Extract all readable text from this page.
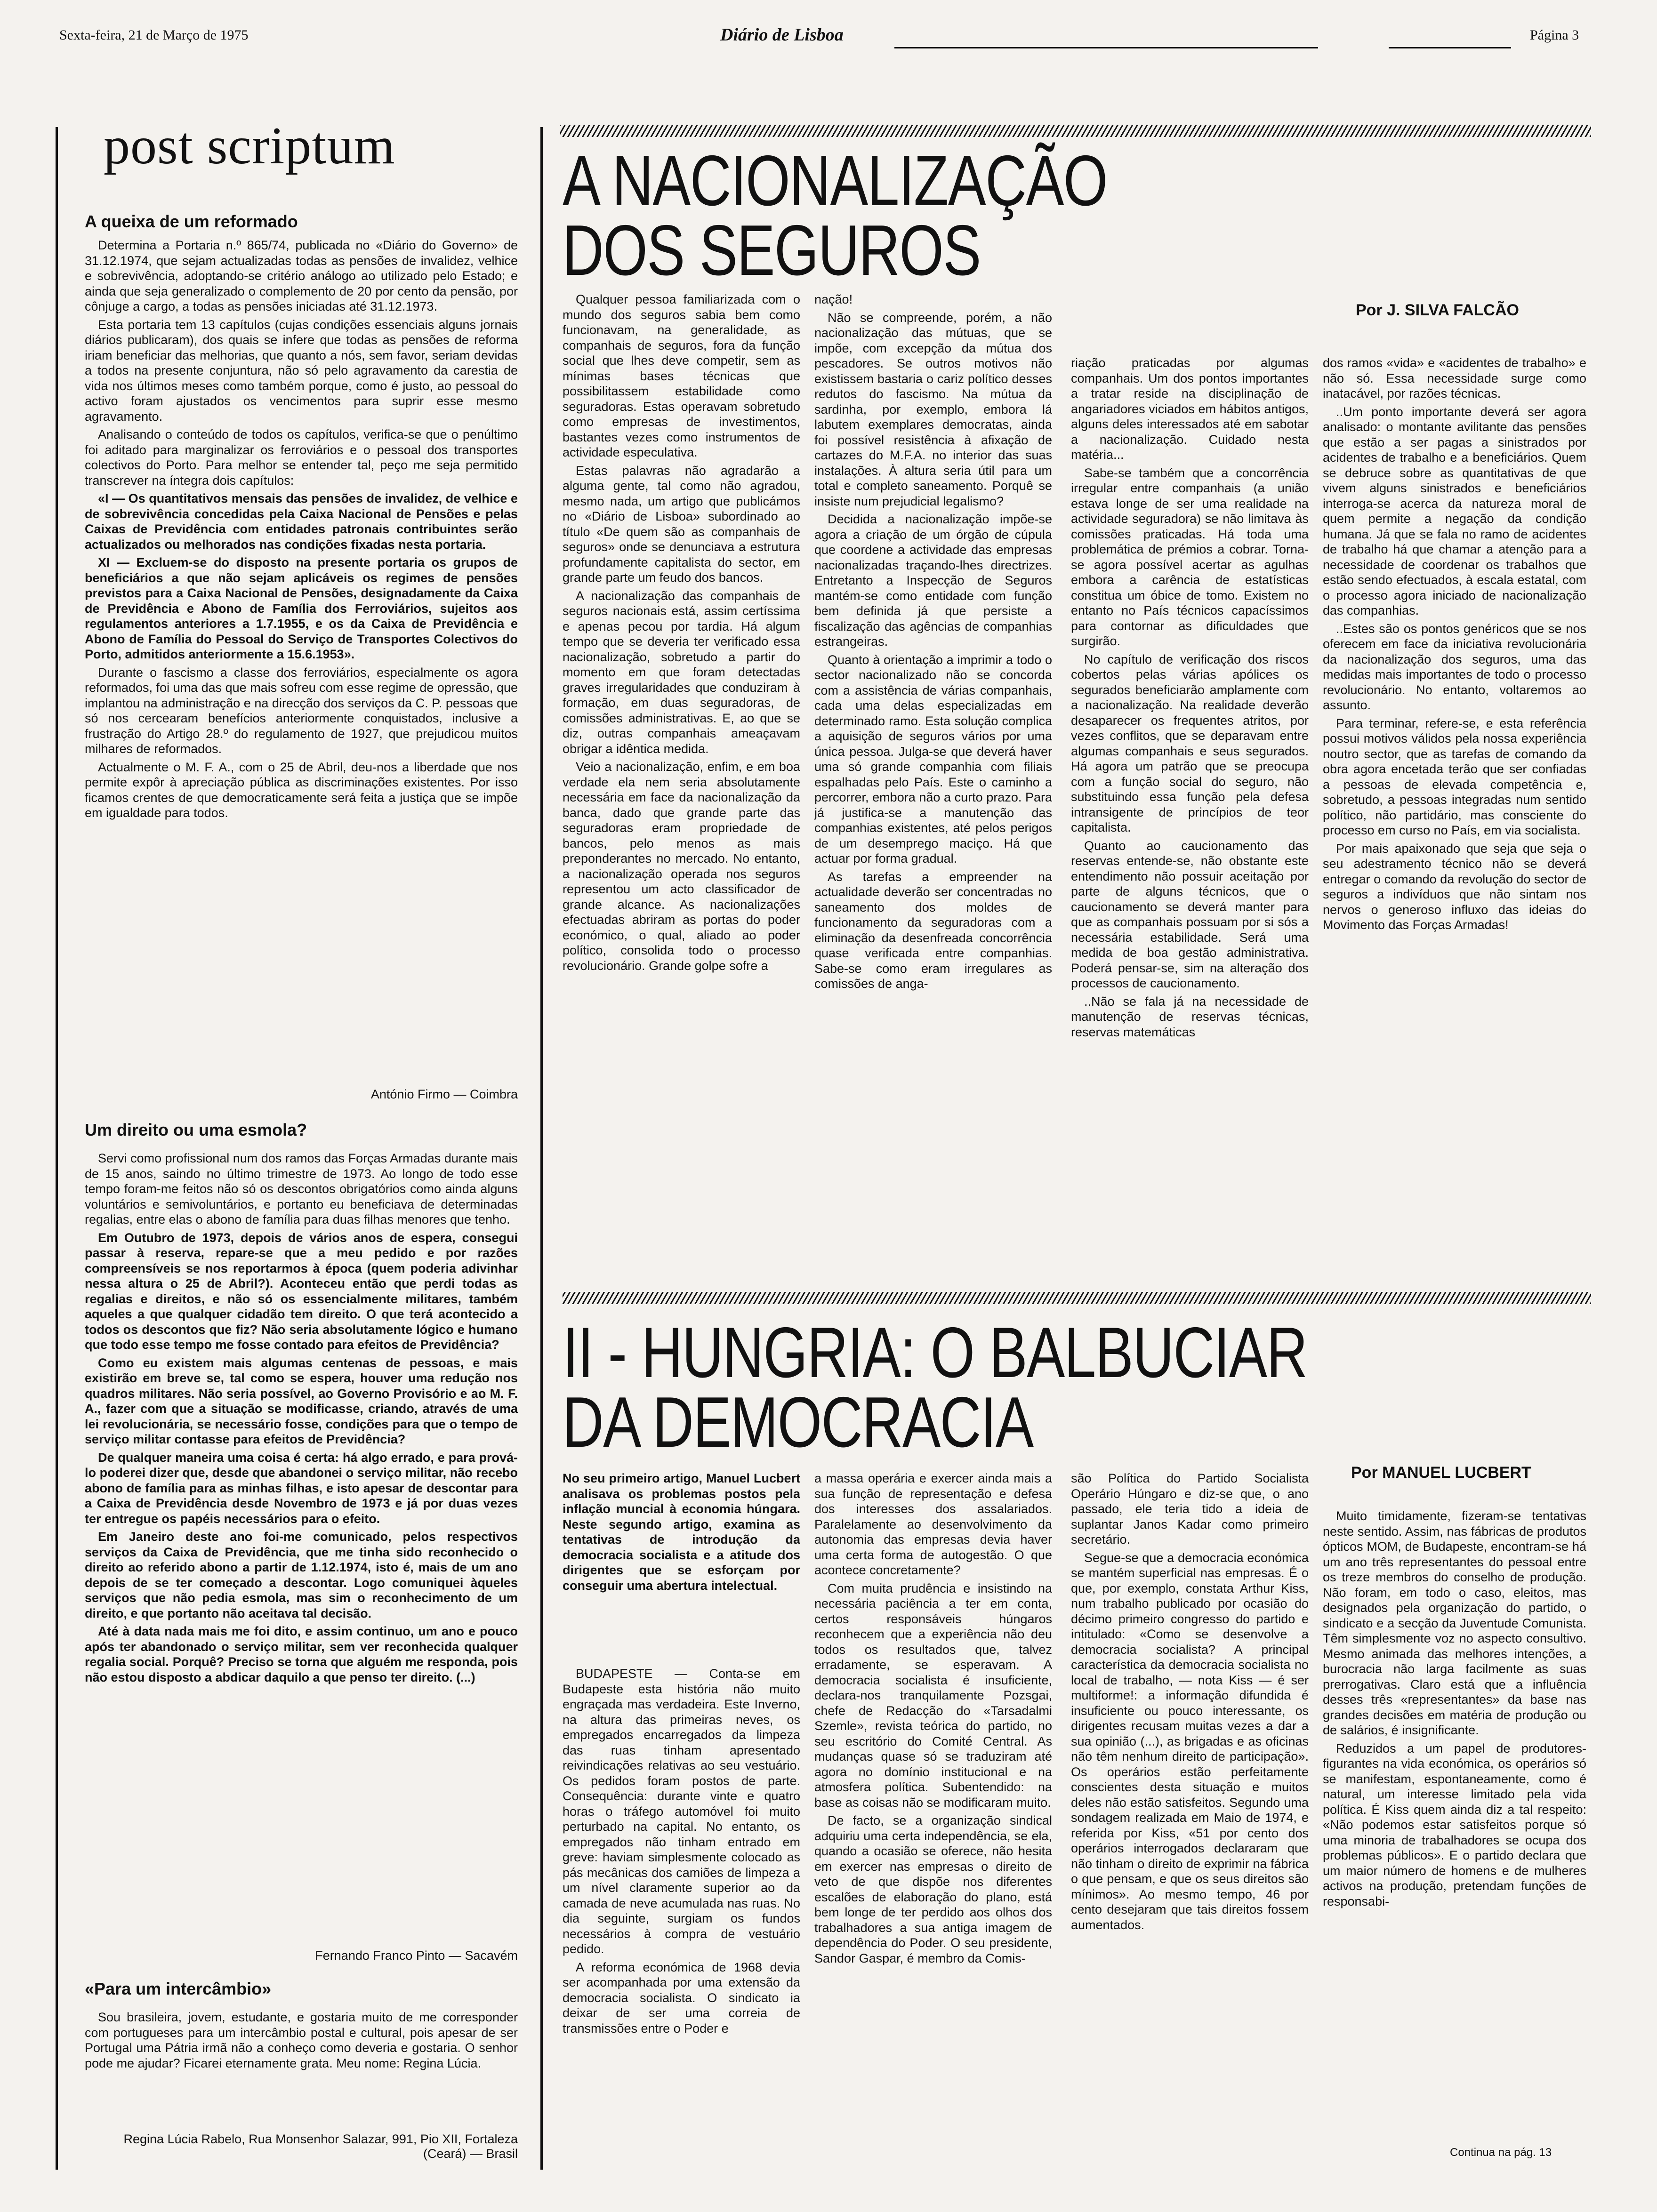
Sexta-feira, 21 de Março de 1975	Diário de Lisboa	Página 3
post scriptum
A queixa de um reformado

Determina a Portaria n.º 865/74, publicada no «Diário do Governo» de 31.12.1974, que sejam actualizadas todas as pensões de invalidez, velhice e sobrevivência, adoptando-se critério análogo ao utilizado pelo Estado; e ainda que seja generalizado o complemento de 20 por cento da pensão, por cônjuge a cargo, a todas as pensões iniciadas até 31.12.1973.

Esta portaria tem 13 capítulos (cujas condições essenciais alguns jornais diários publicaram), dos quais se infere que todas as pensões de reforma iriam beneficiar das melhorias, que quanto a nós, sem favor, seriam devidas a todos na presente conjuntura, não só pelo agravamento da carestia de vida nos últimos meses como também porque, como é justo, ao pessoal do activo foram ajustados os vencimentos para suprir esse mesmo agravamento.

Analisando o conteúdo de todos os capítulos, verifica-se que o penúltimo foi aditado para marginalizar os ferroviários e o pessoal dos transportes colectivos do Porto. Para melhor se entender tal, peço me seja permitido transcrever na íntegra dois capítulos:

«I — Os quantitativos mensais das pensões de invalidez, de velhice e de sobrevivência concedidas pela Caixa Nacional de Pensões e pelas Caixas de Previdência com entidades patronais contribuintes serão actualizados ou melhorados nas condições fixadas nesta portaria.

XI — Excluem-se do disposto na presente portaria os grupos de beneficiários a que não sejam aplicáveis os regimes de pensões previstos para a Caixa Nacional de Pensões, designadamente da Caixa de Previdência e Abono de Família dos Ferroviários, sujeitos aos regulamentos anteriores a 1.7.1955, e os da Caixa de Previdência e Abono de Família do Pessoal do Serviço de Transportes Colectivos do Porto, admitidos anteriormente a 15.6.1953».

Durante o fascismo a classe dos ferroviários, especialmente os agora reformados, foi uma das que mais sofreu com esse regime de opressão, que implantou na administração e na direcção dos serviços da C. P. pessoas que só nos cercearam benefícios anteriormente conquistados, inclusive a frustração do Artigo 28.º do regulamento de 1927, que prejudicou muitos milhares de reformados.

Actualmente o M. F. A., com o 25 de Abril, deu-nos a liberdade que nos permite expôr à apreciação pública as discriminações existentes. Por isso ficamos crentes de que democraticamente será feita a justiça que se impõe em igualdade para todos.

António Firmo — Coimbra
Um direito ou uma esmola?

Servi como profissional num dos ramos das Forças Armadas durante mais de 15 anos, saindo no último trimestre de 1973. Ao longo de todo esse tempo foram-me feitos não só os descontos obrigatórios como ainda alguns voluntários e semivoluntários, e portanto eu beneficiava de determinadas regalias, entre elas o abono de família para duas filhas menores que tenho.

Em Outubro de 1973, depois de vários anos de espera, consegui passar à reserva, repare-se que a meu pedido e por razões compreensíveis se nos reportarmos à época (quem poderia adivinhar nessa altura o 25 de Abril?). Aconteceu então que perdi todas as regalias e direitos, e não só os essencialmente militares, também aqueles a que qualquer cidadão tem direito. O que terá acontecido a todos os descontos que fiz? Não seria absolutamente lógico e humano que todo esse tempo me fosse contado para efeitos de Previdência?

Como eu existem mais algumas centenas de pessoas, e mais existirão em breve se, tal como se espera, houver uma redução nos quadros militares. Não seria possível, ao Governo Provisório e ao M. F. A., fazer com que a situação se modificasse, criando, através de uma lei revolucionária, se necessário fosse, condições para que o tempo de serviço militar contasse para efeitos de Previdência?

De qualquer maneira uma coisa é certa: há algo errado, e para prová-lo poderei dizer que, desde que abandonei o serviço militar, não recebo abono de família para as minhas filhas, e isto apesar de descontar para a Caixa de Previdência desde Novembro de 1973 e já por duas vezes ter entregue os papéis necessários para o efeito.

Em Janeiro deste ano foi-me comunicado, pelos respectivos serviços da Caixa de Previdência, que me tinha sido reconhecido o direito ao referido abono a partir de 1.12.1974, isto é, mais de um ano depois de se ter começado a descontar. Logo comuniquei àqueles serviços que não pedia esmola, mas sim o reconhecimento de um direito, e que portanto não aceitava tal decisão.

Até à data nada mais me foi dito, e assim continuo, um ano e pouco após ter abandonado o serviço militar, sem ver reconhecida qualquer regalia social. Porquê? Preciso se torna que alguém me responda, pois não estou disposto a abdicar daquilo a que penso ter direito. (...)

Fernando Franco Pinto — Sacavém
«Para um intercâmbio»

Sou brasileira, jovem, estudante, e gostaria muito de me corresponder com portugueses para um intercâmbio postal e cultural, pois apesar de ser Portugal uma Pátria irmã não a conheço como deveria e gostaria. O senhor pode me ajudar? Ficarei eternamente grata. Meu nome: Regina Lúcia.

Regina Lúcia Rabelo, Rua Monsenhor Salazar, 991, Pio XII, Fortaleza (Ceará) — Brasil
A NACIONALIZAÇÃO
DOS SEGUROS
Por J. SILVA FALCÃO

Qualquer pessoa familiarizada com o mundo dos seguros sabia bem como funcionavam, na generalidade, as companhais de seguros, fora da função social que lhes deve competir, sem as mínimas bases técnicas que possibilitassem estabilidade como seguradoras. Estas operavam sobretudo como empresas de investimentos, bastantes vezes como instrumentos de actividade especulativa.

Estas palavras não agradarão a alguma gente, tal como não agradou, mesmo nada, um artigo que publicámos no «Diário de Lisboa» subordinado ao título «De quem são as companhais de seguros» onde se denunciava a estrutura profundamente capitalista do sector, em grande parte um feudo dos bancos.

A nacionalização das companhais de seguros nacionais está, assim certíssima e apenas pecou por tardia. Há algum tempo que se deveria ter verificado essa nacionalização, sobretudo a partir do momento em que foram detectadas graves irregularidades que conduziram à formação, em duas seguradoras, de comissões administrativas. E, ao que se diz, outras companhais ameaçavam obrigar a idêntica medida.

Veio a nacionalização, enfim, e em boa verdade ela nem seria absolutamente necessária em face da nacionalização da banca, dado que grande parte das seguradoras eram propriedade de bancos, pelo menos as mais preponderantes no mercado. No entanto, a nacionalização operada nos seguros representou um acto classificador de grande alcance. As nacionalizações efectuadas abriram as portas do poder económico, o qual, aliado ao poder político, consolida todo o processo revolucionário. Grande golpe sofre a

nação!

Não se compreende, porém, a não nacionalização das mútuas, que se impõe, com excepção da mútua dos pescadores. Se outros motivos não existissem bastaria o cariz político desses redutos do fascismo. Na mútua da sardinha, por exemplo, embora lá labutem exemplares democratas, ainda foi possível resistência à afixação de cartazes do M.F.A. no interior das suas instalações. À altura seria útil para um total e completo saneamento. Porquê se insiste num prejudicial legalismo?

Decidida a nacionalização impõe-se agora a criação de um órgão de cúpula que coordene a actividade das empresas nacionalizadas traçando-lhes directrizes. Entretanto a Inspecção de Seguros mantém-se como entidade com função bem definida já que persiste a fiscalização das agências de companhias estrangeiras.

Quanto à orientação a imprimir a todo o sector nacionalizado não se concorda com a assistência de várias companhais, cada uma delas especializadas em determinado ramo. Esta solução complica a aquisição de seguros vários por uma única pessoa. Julga-se que deverá haver uma só grande companhia com filiais espalhadas pelo País. Este o caminho a percorrer, embora não a curto prazo. Para já justifica-se a manutenção das companhias existentes, até pelos perigos de um desemprego maciço. Há que actuar por forma gradual.

As tarefas a empreender na actualidade deverão ser concentradas no saneamento dos moldes de funcionamento da seguradoras com a eliminação da desenfreada concorrência quase verificada entre companhias. Sabe-se como eram irregulares as comissões de anga-

riação praticadas por algumas companhais. Um dos pontos importantes a tratar reside na disciplinação de angariadores viciados em hábitos antigos, alguns deles interessados até em sabotar a nacionalização. Cuidado nesta matéria...

Sabe-se também que a concorrência irregular entre companhais (a união estava longe de ser uma realidade na actividade seguradora) se não limitava às comissões praticadas. Há toda uma problemática de prémios a cobrar. Torna-se agora possível acertar as agulhas embora a carência de estatísticas constitua um óbice de tomo. Existem no entanto no País técnicos capacíssimos para contornar as dificuldades que surgirão.

No capítulo de verificação dos riscos cobertos pelas várias apólices os segurados beneficiarão amplamente com a nacionalização. Na realidade deverão desaparecer os frequentes atritos, por vezes conflitos, que se deparavam entre algumas companhais e seus segurados. Há agora um patrão que se preocupa com a função social do seguro, não substituindo essa função pela defesa intransigente de princípios de teor capitalista.

Quanto ao caucionamento das reservas entende-se, não obstante este entendimento não possuir aceitação por parte de alguns técnicos, que o caucionamento se deverá manter para que as companhais possuam por si sós a necessária estabilidade. Será uma medida de boa gestão administrativa. Poderá pensar-se, sim na alteração dos processos de caucionamento.

..Não se fala já na necessidade de manutenção de reservas técnicas, reservas matemáticas

dos ramos «vida» e «acidentes de trabalho» e não só. Essa necessidade surge como inatacável, por razões técnicas.

..Um ponto importante deverá ser agora analisado: o montante avilitante das pensões que estão a ser pagas a sinistrados por acidentes de trabalho e a beneficiários. Quem se debruce sobre as quantitativas de que vivem alguns sinistrados e beneficiários interroga-se acerca da natureza moral de quem permite a negação da condição humana. Já que se fala no ramo de acidentes de trabalho há que chamar a atenção para a necessidade de coordenar os trabalhos que estão sendo efectuados, à escala estatal, com o processo agora iniciado de nacionalização das companhias.

..Estes são os pontos genéricos que se nos oferecem em face da iniciativa revolucionária da nacionalização dos seguros, uma das medidas mais importantes de todo o processo revolucionário. No entanto, voltaremos ao assunto.

Para terminar, refere-se, e esta referência possui motivos válidos pela nossa experiência noutro sector, que as tarefas de comando da obra agora encetada terão que ser confiadas a pessoas de elevada competência e, sobretudo, a pessoas integradas num sentido político, não partidário, mas consciente do processo em curso no País, em via socialista.

Por mais apaixonado que seja que seja o seu adestramento técnico não se deverá entregar o comando da revolução do sector de seguros a indivíduos que não sintam nos nervos o generoso influxo das ideias do Movimento das Forças Armadas!

II - HUNGRIA: O BALBUCIAR
DA DEMOCRACIA
Por MANUEL LUCBERT
No seu primeiro artigo, Manuel Lucbert analisava os problemas postos pela inflação muncial à economia húngara. Neste segundo artigo, examina as tentativas de introdução da democracia socialista e a atitude dos dirigentes que se esforçam por conseguir uma abertura intelectual.

BUDAPESTE — Conta-se em Budapeste esta história não muito engraçada mas verdadeira. Este Inverno, na altura das primeiras neves, os empregados encarregados da limpeza das ruas tinham apresentado reivindicações relativas ao seu vestuário. Os pedidos foram postos de parte. Consequência: durante vinte e quatro horas o tráfego automóvel foi muito perturbado na capital. No entanto, os empregados não tinham entrado em greve: haviam simplesmente colocado as pás mecânicas dos camiões de limpeza a um nível claramente superior ao da camada de neve acumulada nas ruas. No dia seguinte, surgiam os fundos necessários à compra de vestuário pedido.

A reforma económica de 1968 devia ser acompanhada por uma extensão da democracia socialista. O sindicato ia deixar de ser uma correia de transmissões entre o Poder e

a massa operária e exercer ainda mais a sua função de representação e defesa dos interesses dos assalariados. Paralelamente ao desenvolvimento da autonomia das empresas devia haver uma certa forma de autogestão. O que acontece concretamente?

Com muita prudência e insistindo na necessária paciência a ter em conta, certos responsáveis húngaros reconhecem que a experiência não deu todos os resultados que, talvez erradamente, se esperavam. A democracia socialista é insuficiente, declara-nos tranquilamente Pozsgai, chefe de Redacção do «Tarsadalmi Szemle», revista teórica do partido, no seu escritório do Comité Central. As mudanças quase só se traduziram até agora no domínio institucional e na atmosfera política. Subentendido: na base as coisas não se modificaram muito.

De facto, se a organização sindical adquiriu uma certa independência, se ela, quando a ocasião se oferece, não hesita em exercer nas empresas o direito de veto de que dispõe nos diferentes escalões de elaboração do plano, está bem longe de ter perdido aos olhos dos trabalhadores a sua antiga imagem de dependência do Poder. O seu presidente, Sandor Gaspar, é membro da Comis-

são Política do Partido Socialista Operário Húngaro e diz-se que, o ano passado, ele teria tido a ideia de suplantar Janos Kadar como primeiro secretário.

Segue-se que a democracia económica se mantém superficial nas empresas. É o que, por exemplo, constata Arthur Kiss, num trabalho publicado por ocasião do décimo primeiro congresso do partido e intitulado: «Como se desenvolve a democracia socialista? A principal característica da democracia socialista no local de trabalho, — nota Kiss — é ser multiforme!: a informação difundida é insuficiente ou pouco interessante, os dirigentes recusam muitas vezes a dar a sua opinião (...), as brigadas e as oficinas não têm nenhum direito de participação». Os operários estão perfeitamente conscientes desta situação e muitos deles não estão satisfeitos. Segundo uma sondagem realizada em Maio de 1974, e referida por Kiss, «51 por cento dos operários interrogados declararam que não tinham o direito de exprimir na fábrica o que pensam, e que os seus direitos são mínimos». Ao mesmo tempo, 46 por cento desejaram que tais direitos fossem aumentados.

Muito timidamente, fizeram-se tentativas neste sentido. Assim, nas fábricas de produtos ópticos MOM, de Budapeste, encontram-se há um ano três representantes do pessoal entre os treze membros do conselho de produção. Não foram, em todo o caso, eleitos, mas designados pela organização do partido, o sindicato e a secção da Juventude Comunista. Têm simplesmente voz no aspecto consultivo. Mesmo animada das melhores intenções, a burocracia não larga facilmente as suas prerrogativas. Claro está que a influência desses três «representantes» da base nas grandes decisões em matéria de produção ou de salários, é insignificante.

Reduzidos a um papel de produtores-figurantes na vida económica, os operários só se manifestam, espontaneamente, como é natural, um interesse limitado pela vida política. É Kiss quem ainda diz a tal respeito: «Não podemos estar satisfeitos porque só uma minoria de trabalhadores se ocupa dos problemas públicos». E o partido declara que um maior número de homens e de mulheres activos na produção, pretendam funções de responsabi-

Continua na pág. 13
